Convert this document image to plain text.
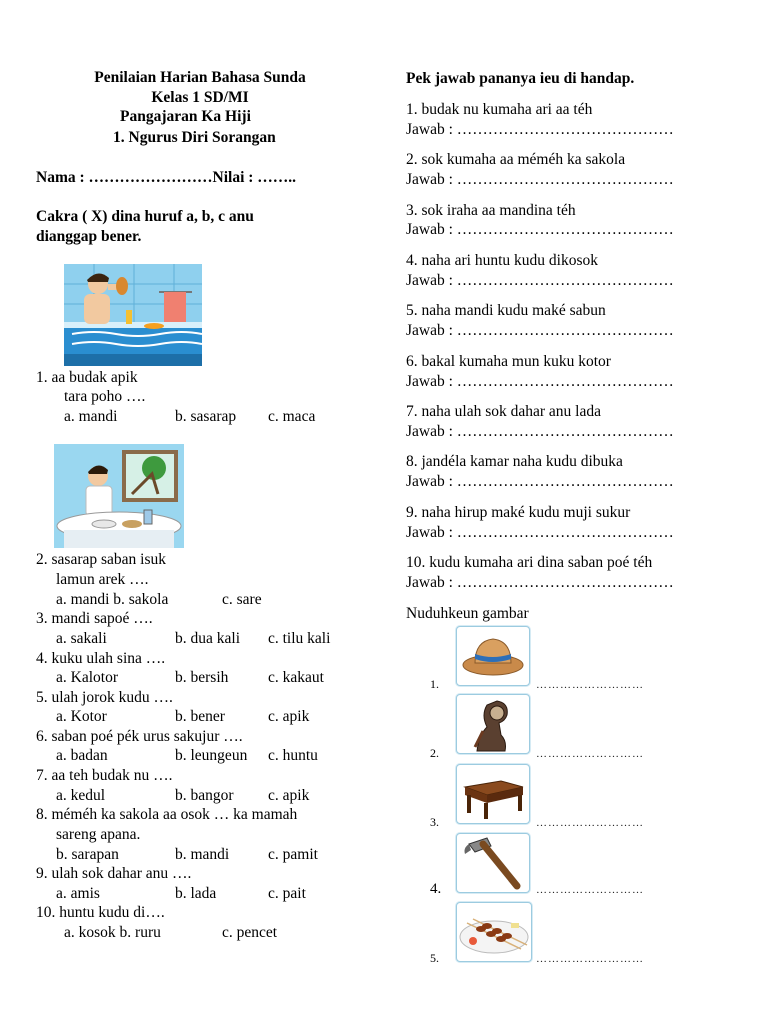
Penilaian Harian Bahasa Sunda
Kelas 1 SD/MI
Pangajaran Ka Hiji
1. Ngurus Diri Sorangan
Nama : ……………………Nilai : ……..
Cakra ( X) dina huruf a, b, c anu
dianggap bener.
1. aa budak apik
tara poho ….
a. mandi	b. sasarap c. maca
2. sasarap saban isuk
lamun arek ….
a. mandi b. sakola	c. sare
3. mandi sapoé ….
a. sakali	b. dua kali c. tilu kali
4. kuku ulah sina ….
a. Kalotor	b. bersih	c. kakaut
5. ulah jorok kudu ….
a. Kotor	b. bener	c. apik
6. saban poé pék urus sakujur ….
a. badan	b. leungeun c. huntu
7. aa teh budak nu ….
a. kedul	b. bangor c. apik
8. méméh ka sakola aa osok … ka mamah
sareng apana.
b. sarapan	b. mandi	c. pamit
9. ulah sok dahar anu ….
a. amis	b. lada	c. pait
10. huntu kudu di….
a. kosok b. ruru	c. pencet
Pek jawab pananya ieu di handap.
1. budak nu kumaha ari aa téh
Jawab : ……………………………………
2. sok kumaha aa méméh ka sakola
Jawab : ……………………………………
3. sok iraha aa mandina téh
Jawab : ……………………………………
4. naha ari huntu kudu dikosok
Jawab : ……………………………………
5. naha mandi kudu maké sabun
Jawab : ……………………………………
6. bakal kumaha mun kuku kotor
Jawab : ……………………………………
7. naha ulah sok dahar anu lada
Jawab : ……………………………………
8. jandéla kamar naha kudu dibuka
Jawab : ……………………………………
9. naha hirup maké kudu muji sukur
Jawab : ……………………………………
10. kudu kumaha ari dina saban poé téh
Jawab : ……………………………………
Nuduhkeun gambar
1.	………………………
2.	………………………
3.	………………………
4.	………………………
5.	………………………
